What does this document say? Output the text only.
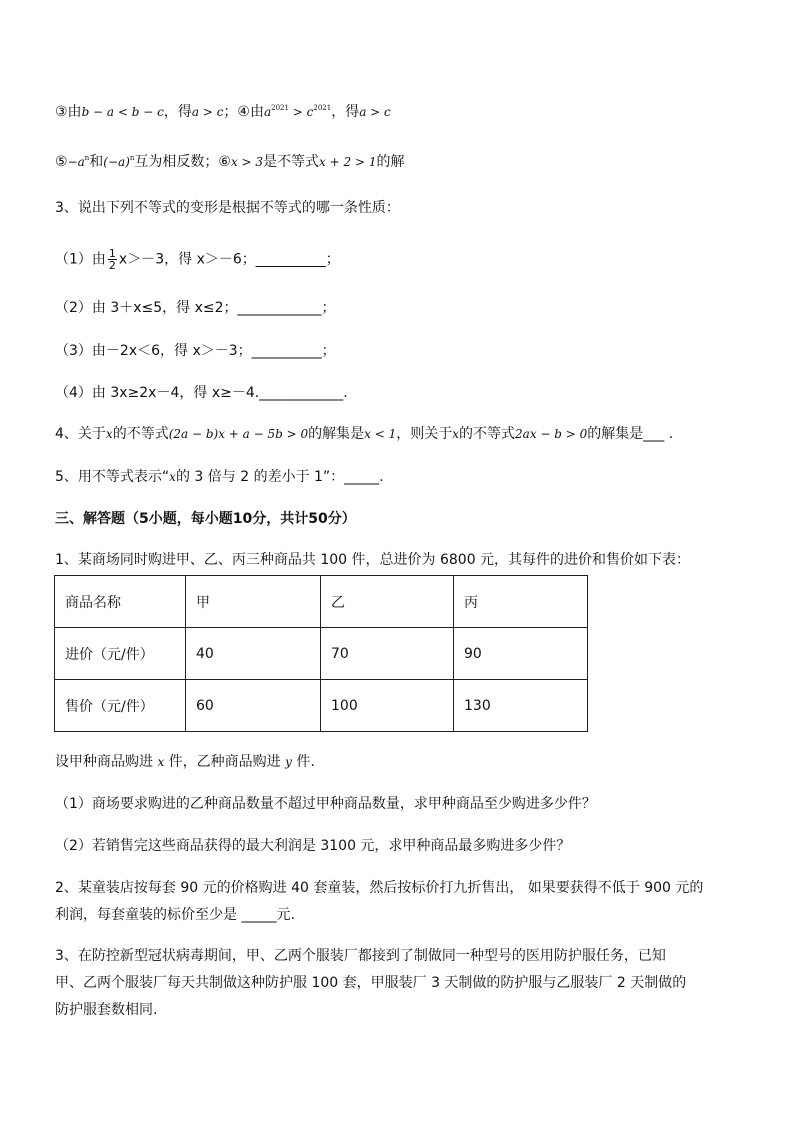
③由b − a < b − c，得a > c；④由$a^{2021} > c^{2021}$，得a > c
$⑤-a^n$和$(-a)^n$互为相反数；⑥x > 3是不等式x + 2 > 1的解
3、说出下列不等式的变形是根据不等式的哪一条性质：
（1）由 $\frac{1}{2} x>-3$，得 x＞－6；__________；
（2）由 3＋x≤5，得 x≤2；____________；
（3）由－2x＜6，得 x＞－3；__________；
（4）由 3x≥2x－4，得 x≥－4.____________.
4、关于x的不等式(2a − b)x + a − 5b > 0的解集是x < 1，则关于x的不等式2ax − b > 0的解集是___ .
5、用不等式表示“x的 3 倍与 2 的差小于 1”：_____.
三、解答题（5小题，每小题10分，共计50分）
1、某商场同时购进甲、乙、丙三种商品共 100 件，总进价为 6800 元，其每件的进价和售价如下表：
商品名称	甲	乙	丙
进价（元/件）	40	70	90
售价（元/件）	60	100	130
设甲种商品购进 x 件，乙种商品购进 y 件.
（1）商场要求购进的乙种商品数量不超过甲种商品数量，求甲种商品至少购进多少件？
（2）若销售完这些商品获得的最大利润是 3100 元，求甲种商品最多购进多少件？
2、某童装店按每套 90 元的价格购进 40 套童装，然后按标价打九折售出， 如果要获得不低于 900 元的
利润，每套童装的标价至少是 _____元.
3、在防控新型冠状病毒期间，甲、乙两个服装厂都接到了制做同一种型号的医用防护服任务，已知
甲、乙两个服装厂每天共制做这种防护服 100 套，甲服装厂 3 天制做的防护服与乙服装厂 2 天制做的
防护服套数相同.
